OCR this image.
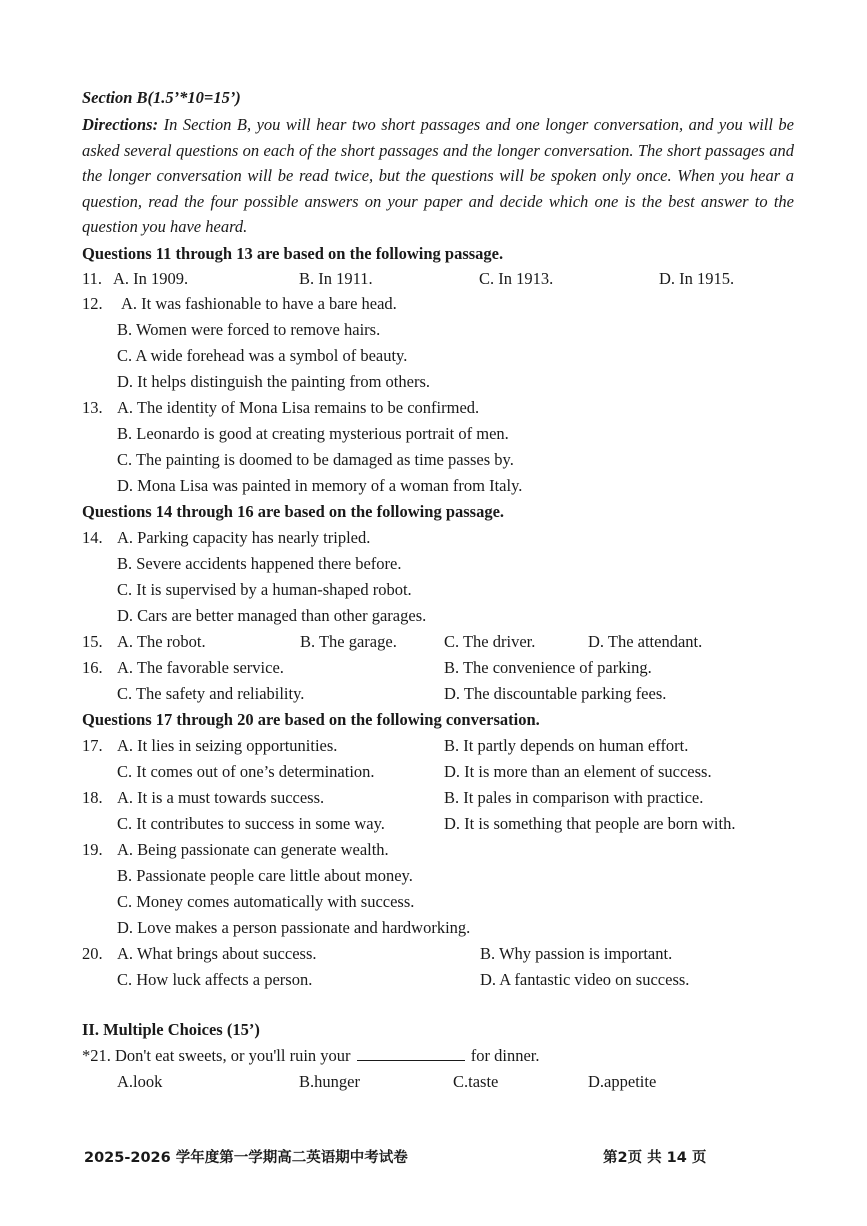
Section B(1.5’*10=15’)
Directions: In Section B, you will hear two short passages and one longer conversation, and you will be asked several questions on each of the short passages and the longer conversation. The short passages and the longer conversation will be read twice, but the questions will be spoken only once. When you hear a question, read the four possible answers on your paper and decide which one is the best answer to the question you have heard.
Questions 11 through 13 are based on the following passage.
11. A. In 1909.	B. In 1911.	C. In 1913.	D. In 1915.
12. A. It was fashionable to have a bare head.
B. Women were forced to remove hairs.
C. A wide forehead was a symbol of beauty.
D. It helps distinguish the painting from others.
13. A. The identity of Mona Lisa remains to be confirmed.
B. Leonardo is good at creating mysterious portrait of men.
C. The painting is doomed to be damaged as time passes by.
D. Mona Lisa was painted in memory of a woman from Italy.
Questions 14 through 16 are based on the following passage.
14. A. Parking capacity has nearly tripled.
B. Severe accidents happened there before.
C. It is supervised by a human-shaped robot.
D. Cars are better managed than other garages.
15. A. The robot.	B. The garage.	C. The driver.	D. The attendant.
16. A. The favorable service.	B. The convenience of parking.
C. The safety and reliability.	D. The discountable parking fees.
Questions 17 through 20 are based on the following conversation.
17. A. It lies in seizing opportunities.	B. It partly depends on human effort.
C. It comes out of one’s determination.	D. It is more than an element of success.
18. A. It is a must towards success.	B. It pales in comparison with practice.
C. It contributes to success in some way.	D. It is something that people are born with.
19. A. Being passionate can generate wealth.
B. Passionate people care little about money.
C. Money comes automatically with success.
D. Love makes a person passionate and hardworking.
20. A. What brings about success.	B. Why passion is important.
C. How luck affects a person.	D. A fantastic video on success.
II. Multiple Choices (15’)
*21. Don't eat sweets, or you'll ruin your	for dinner.
A.look	B.hunger	C.taste	D.appetite
2025-2026 学年度第一学期高二英语期中考试卷	第2页 共 14 页
